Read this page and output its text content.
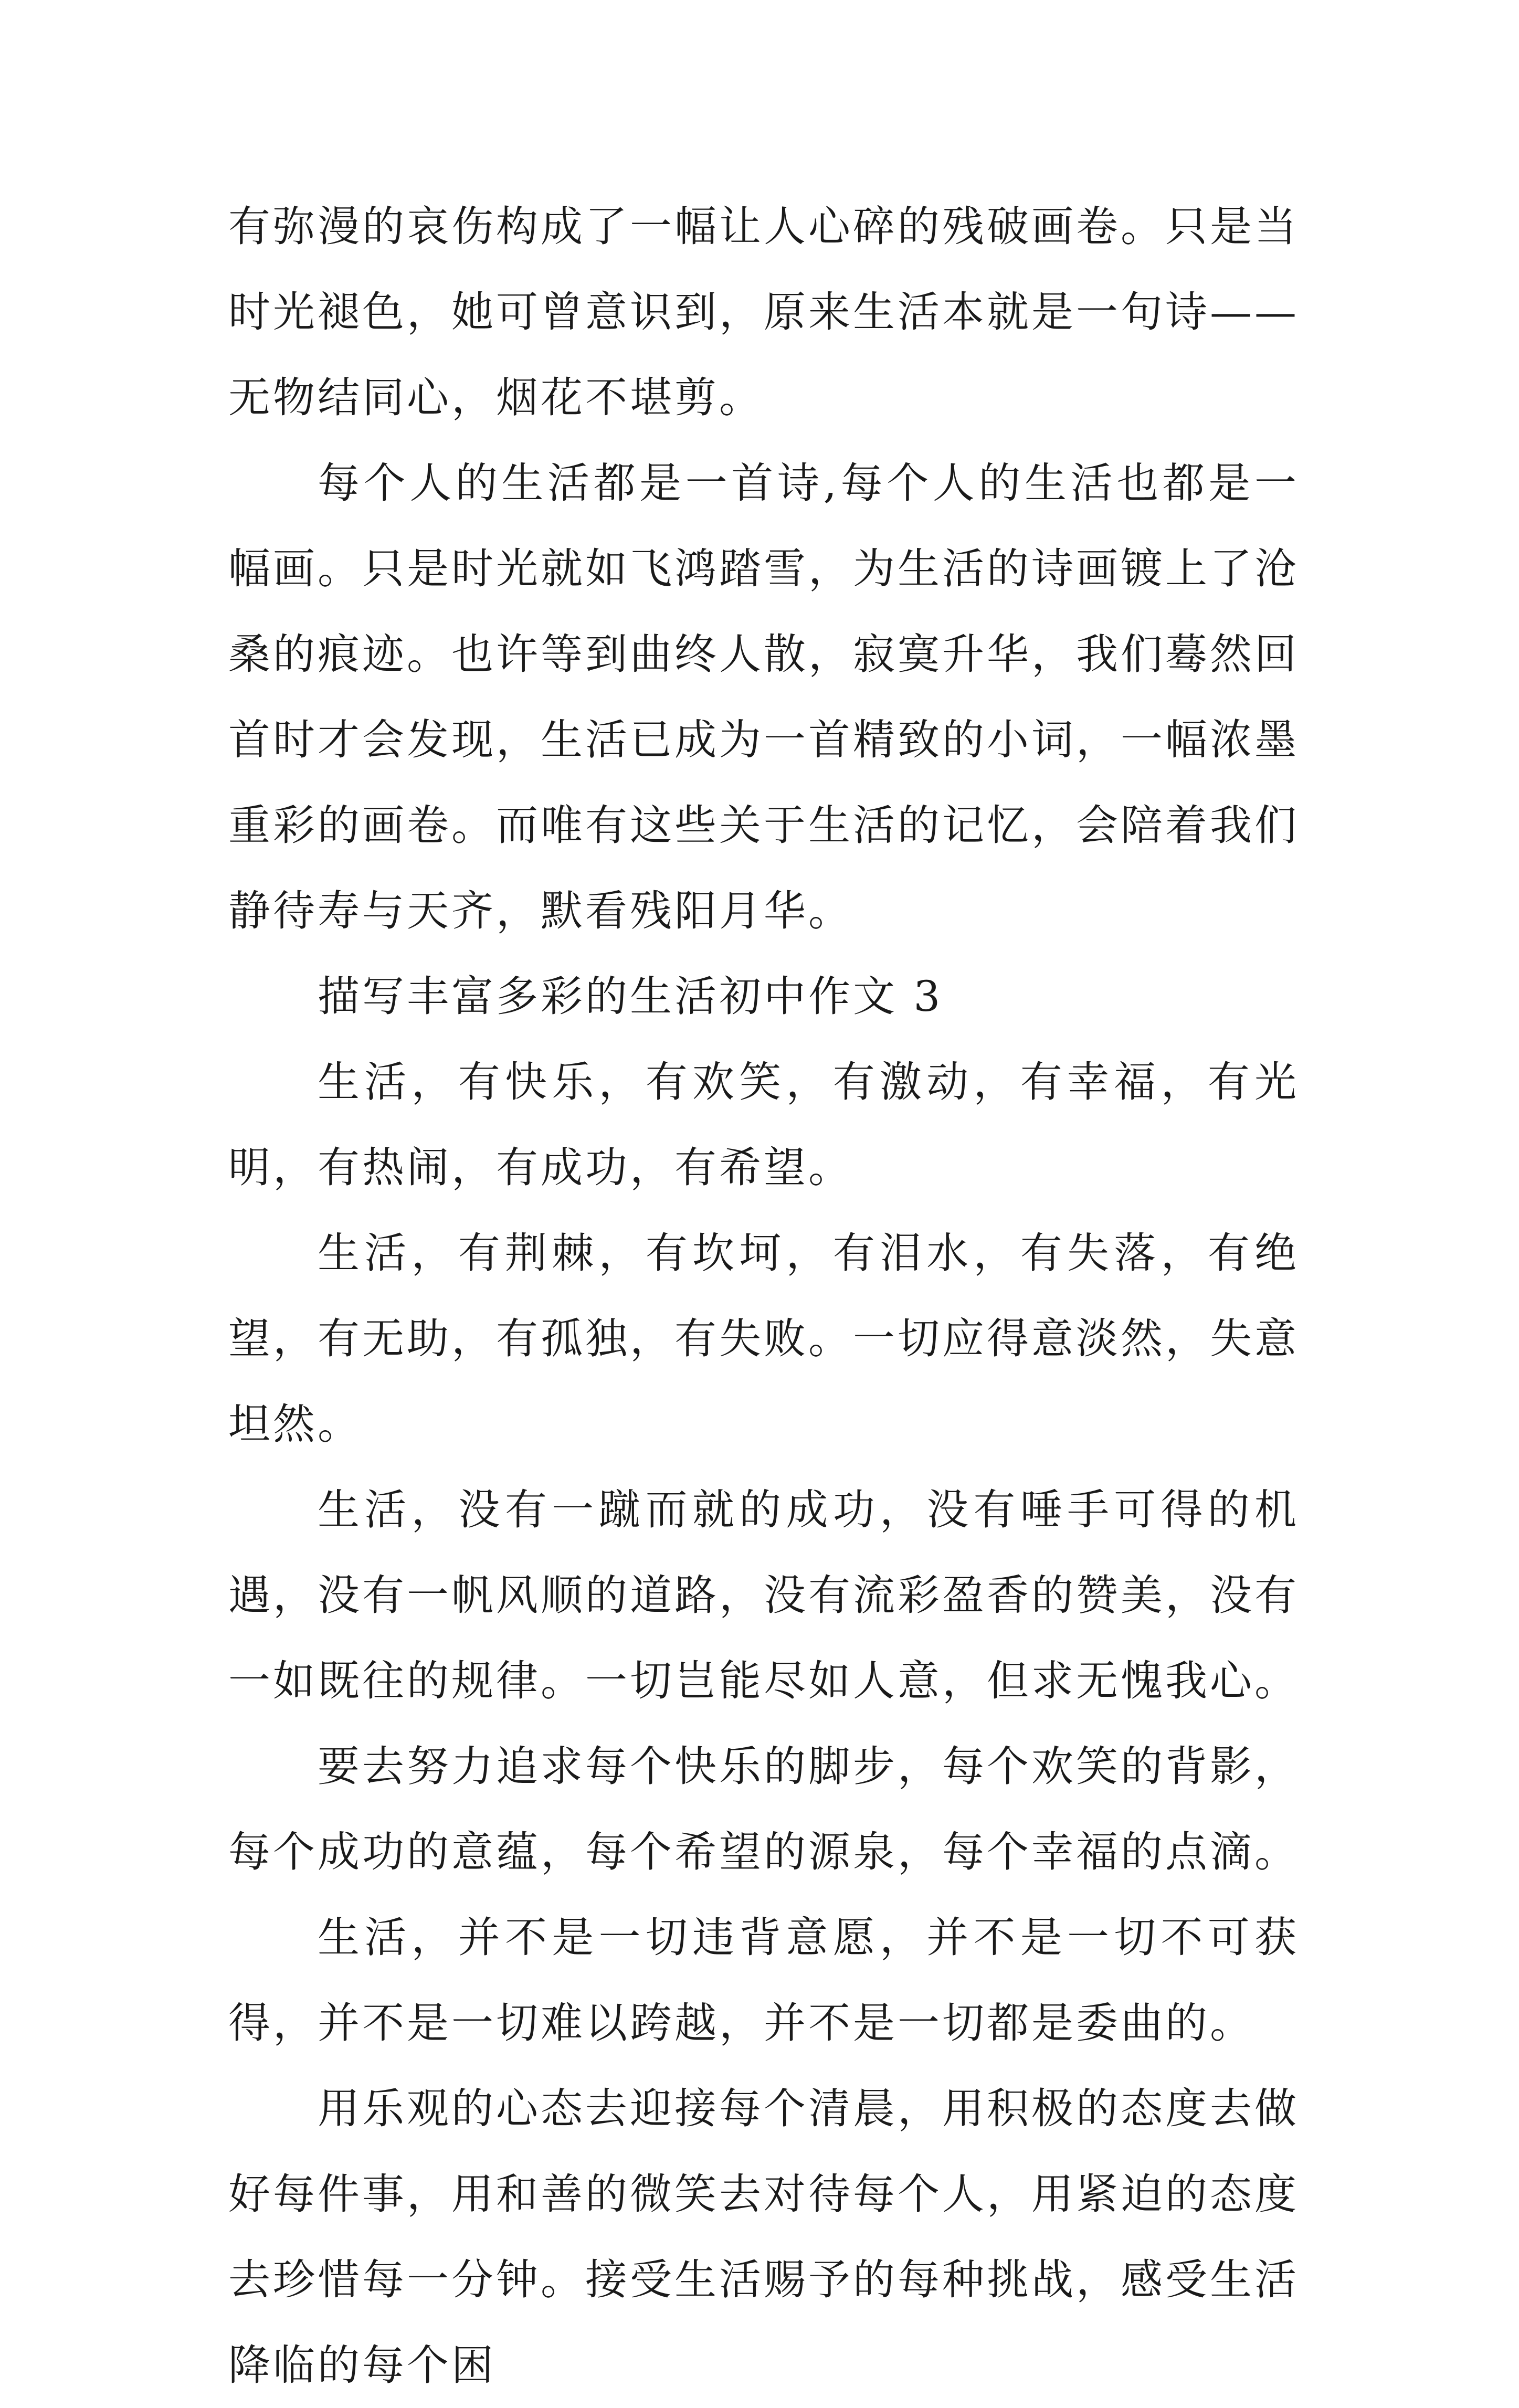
有弥漫的哀伤构成了一幅让人心碎的残破画卷。只是当时光褪色，她可曾意识到，原来生活本就是一句诗——无物结同心，烟花不堪剪。

每个人的生活都是一首诗,每个人的生活也都是一幅画。只是时光就如飞鸿踏雪，为生活的诗画镀上了沧桑的痕迹。也许等到曲终人散，寂寞升华，我们蓦然回首时才会发现，生活已成为一首精致的小词，一幅浓墨重彩的画卷。而唯有这些关于生活的记忆，会陪着我们静待寿与天齐，默看残阳月华。

描写丰富多彩的生活初中作文 3

生活，有快乐，有欢笑，有激动，有幸福，有光明，有热闹，有成功，有希望。

生活，有荆棘，有坎坷，有泪水，有失落，有绝望，有无助，有孤独，有失败。一切应得意淡然，失意坦然。

生活，没有一蹴而就的成功，没有唾手可得的机遇，没有一帆风顺的道路，没有流彩盈香的赞美，没有一如既往的规律。一切岂能尽如人意，但求无愧我心。

要去努力追求每个快乐的脚步，每个欢笑的背影，每个成功的意蕴，每个希望的源泉，每个幸福的点滴。

生活，并不是一切违背意愿，并不是一切不可获得，并不是一切难以跨越，并不是一切都是委曲的。

用乐观的心态去迎接每个清晨，用积极的态度去做好每件事，用和善的微笑去对待每个人，用紧迫的态度去珍惜每一分钟。接受生活赐予的每种挑战，感受生活降临的每个困
